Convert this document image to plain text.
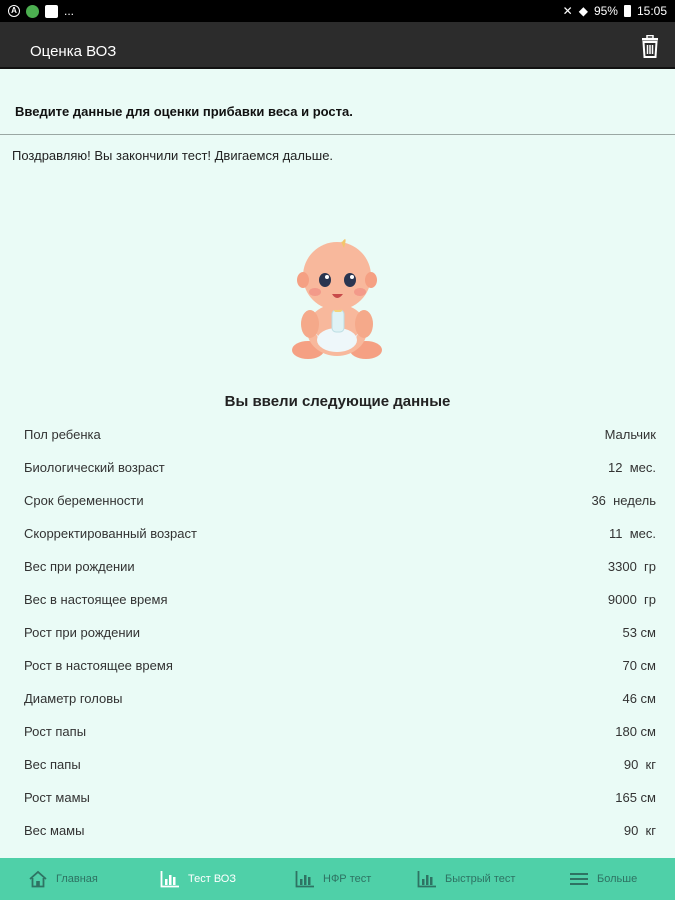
A	...	✕ ◆ 95% 15:05
Оценка ВОЗ
Введите данные для оценки прибавки веса и роста.
Поздравляю! Вы закончили тест! Двигаемся дальше.
Вы ввели следующие данные
Пол ребенка	Мальчик
Биологический возраст	12  мес.
Срок беременности	36  недель
Скорректированный возраст	11  мес.
Вес при рождении	3300  гр
Вес в настоящее время	9000  гр
Рост при рождении	53 см
Рост в настоящее время	70 см
Диаметр головы	46 см
Рост папы	180 см
Вес папы	90  кг
Рост мамы	165 см
Вес мамы	90  кг
Главная	Тест ВОЗ	НФР тест	Быстрый тест	Больше
